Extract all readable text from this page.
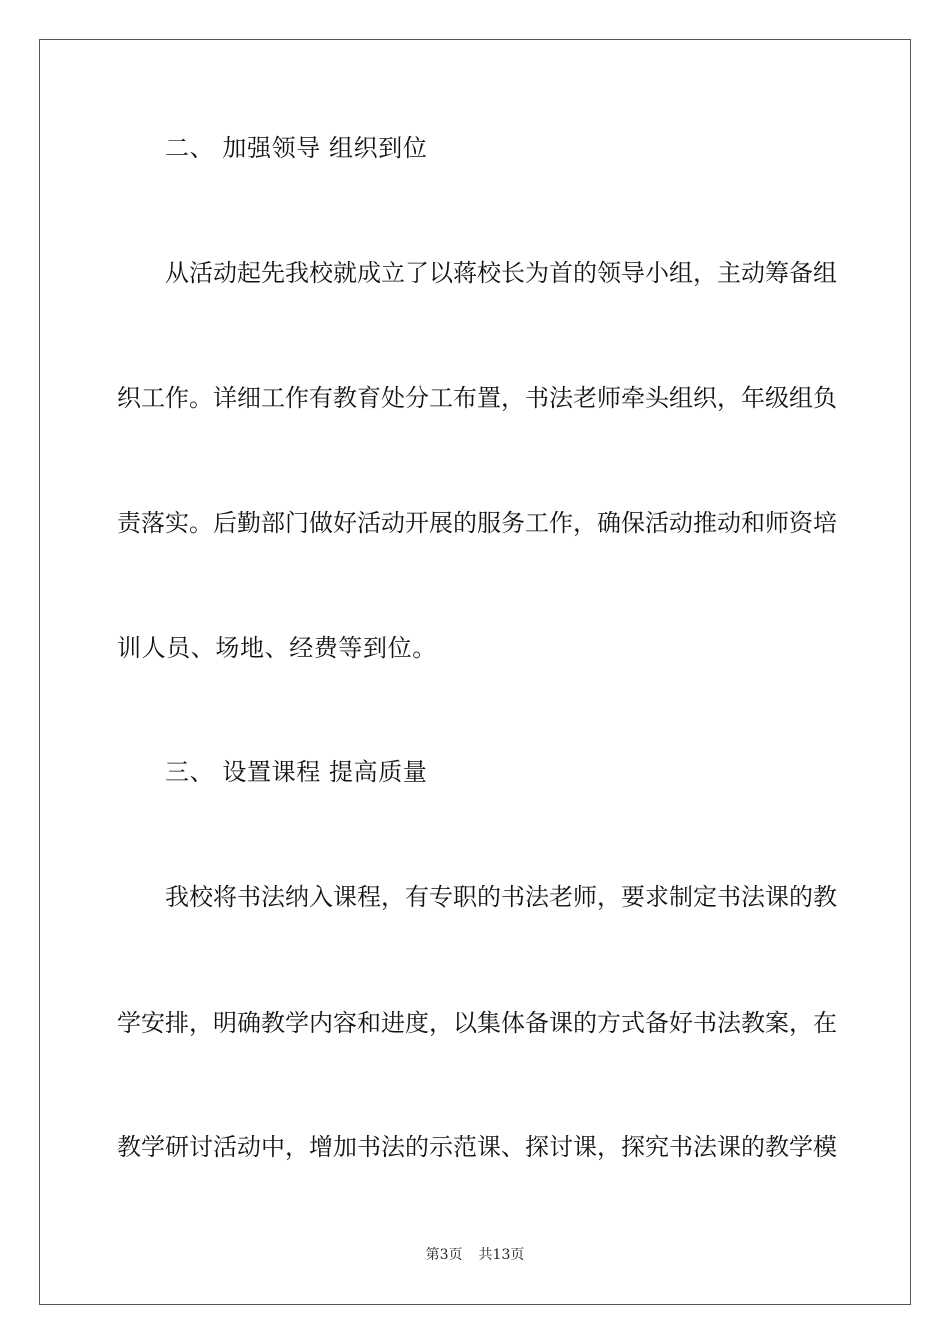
二、 加强领导 组织到位
从活动起先我校就成立了以蒋校长为首的领导小组，主动筹备组
织工作。详细工作有教育处分工布置，书法老师牵头组织，年级组负
责落实。后勤部门做好活动开展的服务工作，确保活动推动和师资培
训人员、场地、经费等到位。
三、 设置课程 提高质量
我校将书法纳入课程，有专职的书法老师，要求制定书法课的教
学安排，明确教学内容和进度，以集体备课的方式备好书法教案，在
教学研讨活动中，增加书法的示范课、探讨课，探究书法课的教学模
第3页 共13页
